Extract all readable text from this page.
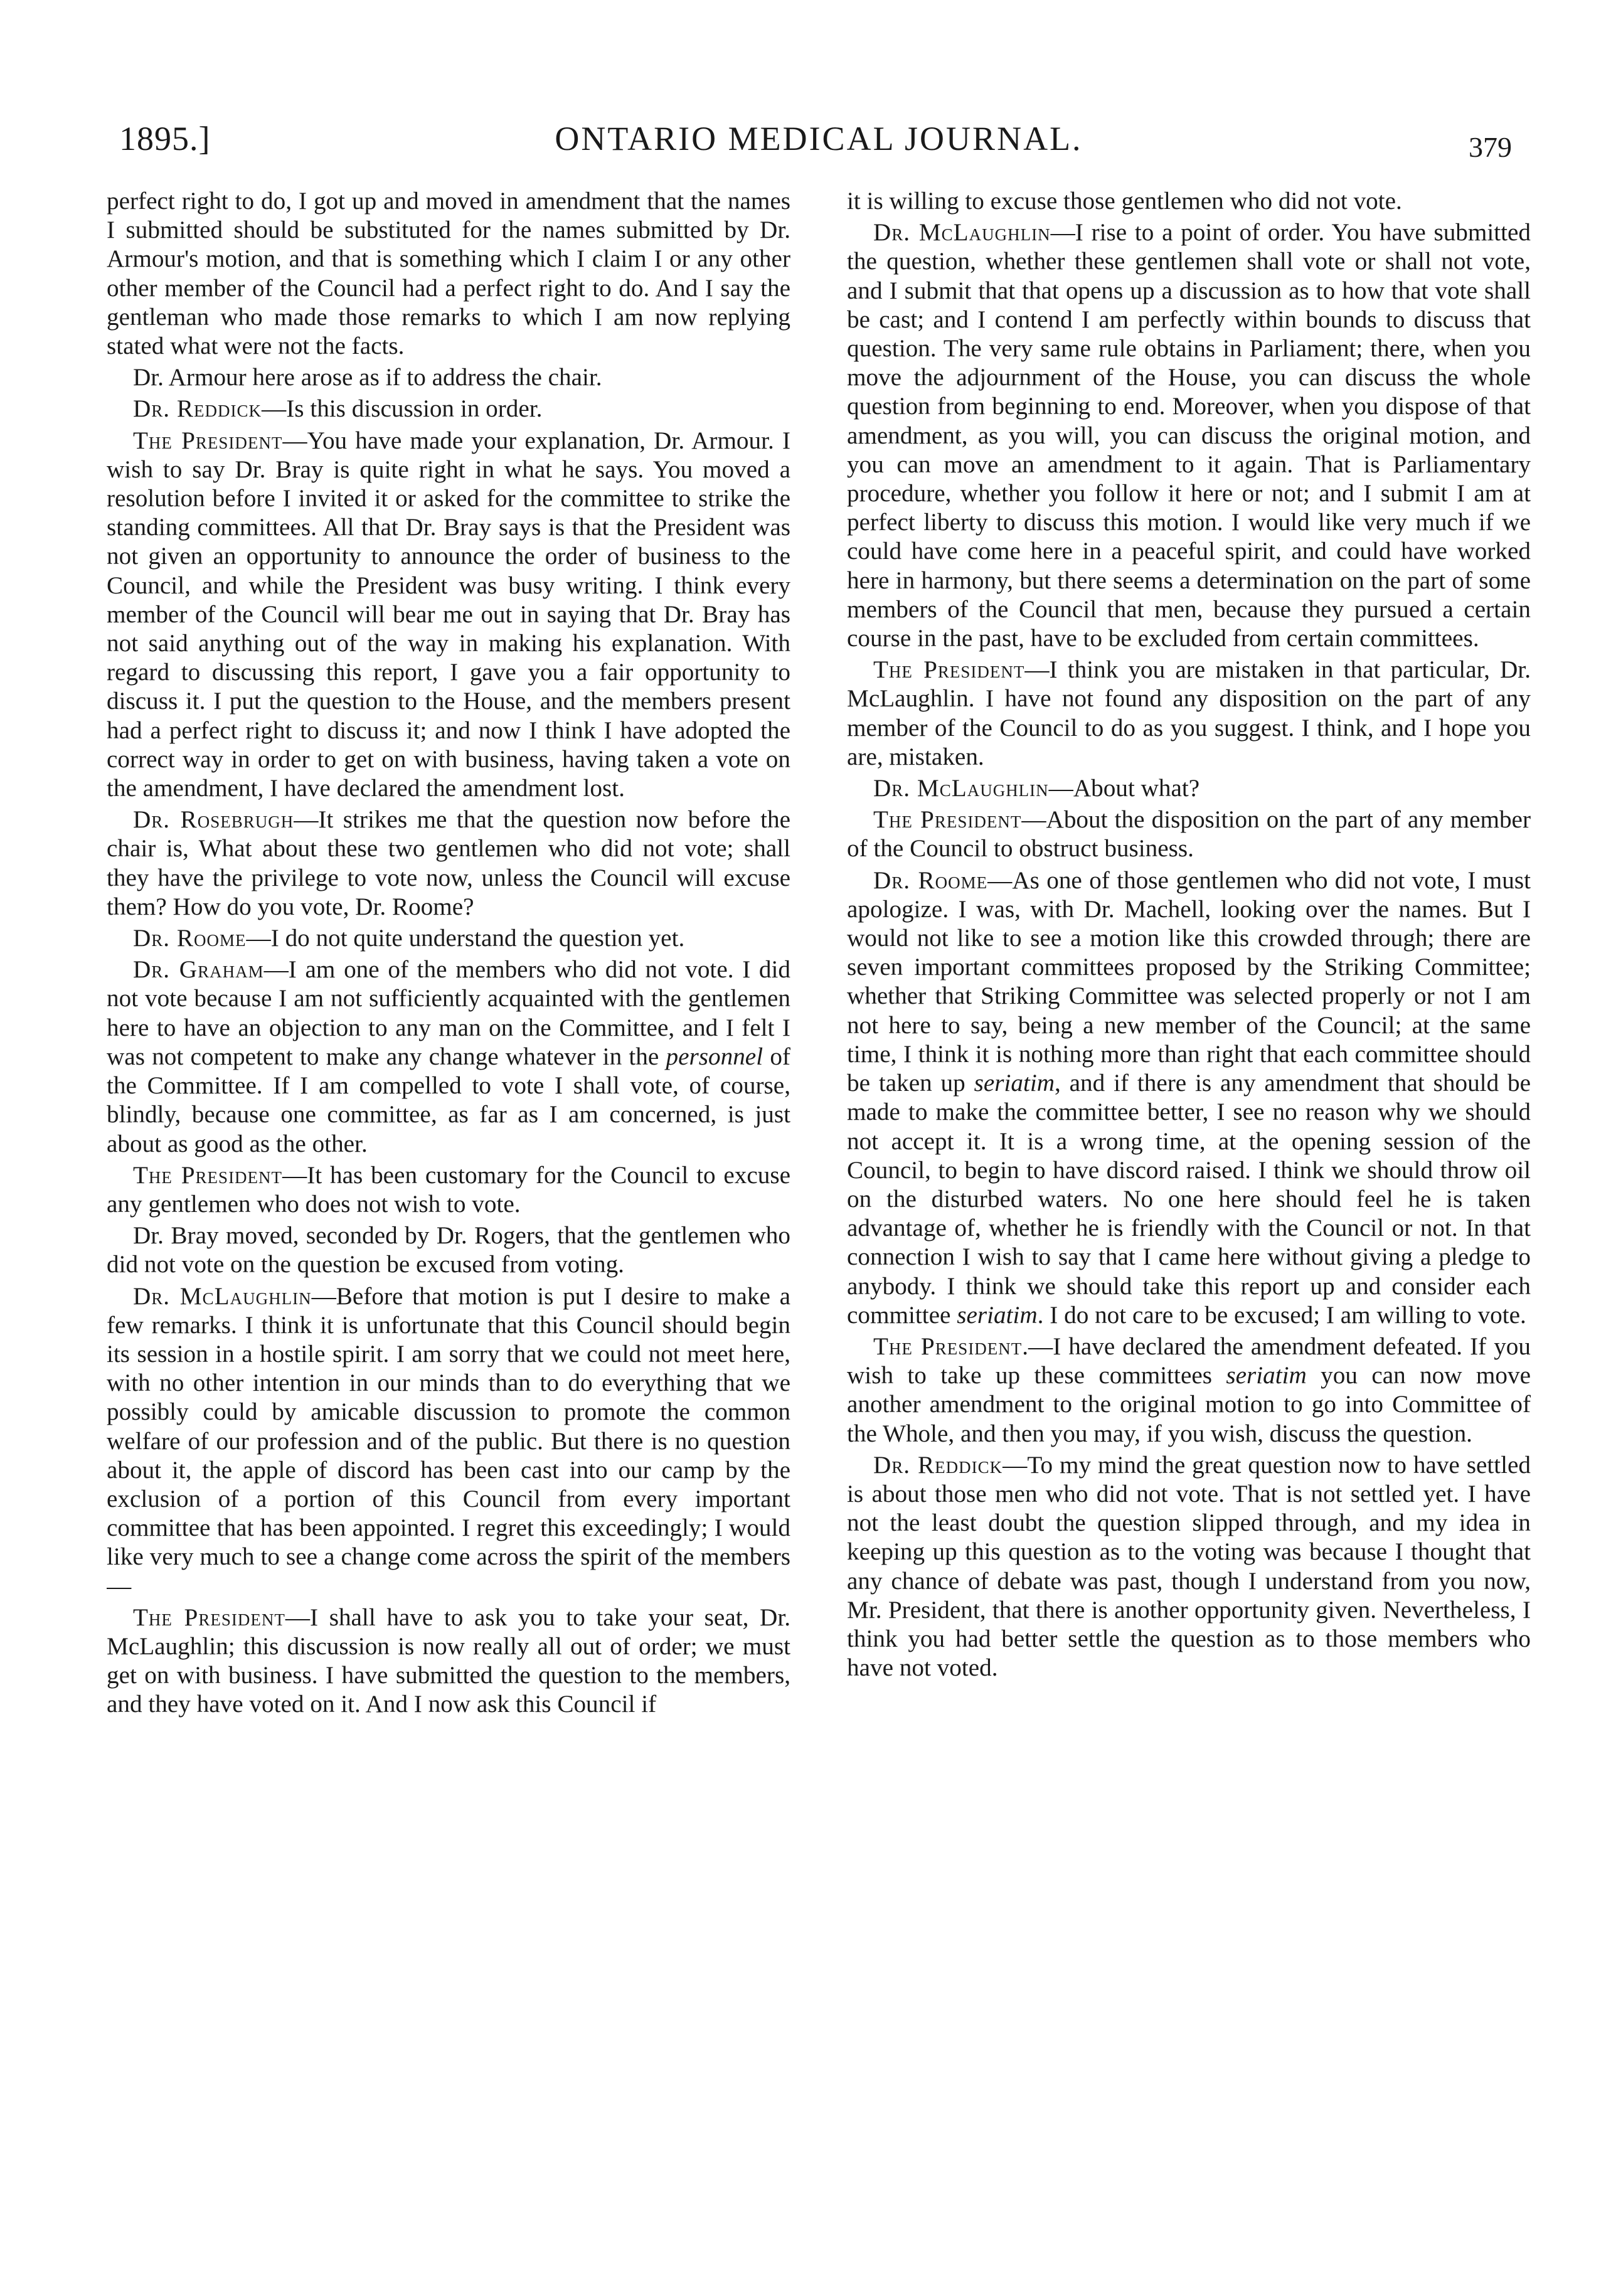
1895.]	ONTARIO MEDICAL JOURNAL.	379

perfect right to do, I got up and moved in amendment that the names I submitted should be substituted for the names submitted by Dr. Armour's motion, and that is something which I claim I or any other other member of the Council had a perfect right to do. And I say the gentleman who made those remarks to which I am now replying stated what were not the facts.

Dr. Armour here arose as if to address the chair.

Dr. Reddick—Is this discussion in order.

The President—You have made your explanation, Dr. Armour. I wish to say Dr. Bray is quite right in what he says. You moved a resolution before I invited it or asked for the committee to strike the standing committees. All that Dr. Bray says is that the President was not given an opportunity to announce the order of business to the Council, and while the President was busy writing. I think every member of the Council will bear me out in saying that Dr. Bray has not said anything out of the way in making his explanation. With regard to discussing this report, I gave you a fair opportunity to discuss it. I put the question to the House, and the members present had a perfect right to discuss it; and now I think I have adopted the correct way in order to get on with business, having taken a vote on the amendment, I have declared the amendment lost.

Dr. Rosebrugh—It strikes me that the question now before the chair is, What about these two gentlemen who did not vote; shall they have the privilege to vote now, unless the Council will excuse them? How do you vote, Dr. Roome?

Dr. Roome—I do not quite understand the question yet.

Dr. Graham—I am one of the members who did not vote. I did not vote because I am not sufficiently acquainted with the gentlemen here to have an objection to any man on the Committee, and I felt I was not competent to make any change whatever in the personnel of the Committee. If I am compelled to vote I shall vote, of course, blindly, because one committee, as far as I am concerned, is just about as good as the other.

The President—It has been customary for the Council to excuse any gentlemen who does not wish to vote.

Dr. Bray moved, seconded by Dr. Rogers, that the gentlemen who did not vote on the question be excused from voting.

Dr. McLaughlin—Before that motion is put I desire to make a few remarks. I think it is unfortunate that this Council should begin its session in a hostile spirit. I am sorry that we could not meet here, with no other intention in our minds than to do everything that we possibly could by amicable discussion to promote the common welfare of our profession and of the public. But there is no question about it, the apple of discord has been cast into our camp by the exclusion of a portion of this Council from every important committee that has been appointed. I regret this exceedingly; I would like very much to see a change come across the spirit of the members—

The President—I shall have to ask you to take your seat, Dr. McLaughlin; this discussion is now really all out of order; we must get on with business. I have submitted the question to the members, and they have voted on it. And I now ask this Council if

it is willing to excuse those gentlemen who did not vote.

Dr. McLaughlin—I rise to a point of order. You have submitted the question, whether these gentlemen shall vote or shall not vote, and I submit that that opens up a discussion as to how that vote shall be cast; and I contend I am perfectly within bounds to discuss that question. The very same rule obtains in Parliament; there, when you move the adjournment of the House, you can discuss the whole question from beginning to end. Moreover, when you dispose of that amendment, as you will, you can discuss the original motion, and you can move an amendment to it again. That is Parliamentary procedure, whether you follow it here or not; and I submit I am at perfect liberty to discuss this motion. I would like very much if we could have come here in a peaceful spirit, and could have worked here in harmony, but there seems a determination on the part of some members of the Council that men, because they pursued a certain course in the past, have to be excluded from certain committees.

The President—I think you are mistaken in that particular, Dr. McLaughlin. I have not found any disposition on the part of any member of the Council to do as you suggest. I think, and I hope you are, mistaken.

Dr. McLaughlin—About what?

The President—About the disposition on the part of any member of the Council to obstruct business.

Dr. Roome—As one of those gentlemen who did not vote, I must apologize. I was, with Dr. Machell, looking over the names. But I would not like to see a motion like this crowded through; there are seven important committees proposed by the Striking Committee; whether that Striking Committee was selected properly or not I am not here to say, being a new member of the Council; at the same time, I think it is nothing more than right that each committee should be taken up seriatim, and if there is any amendment that should be made to make the committee better, I see no reason why we should not accept it. It is a wrong time, at the opening session of the Council, to begin to have discord raised. I think we should throw oil on the disturbed waters. No one here should feel he is taken advantage of, whether he is friendly with the Council or not. In that connection I wish to say that I came here without giving a pledge to anybody. I think we should take this report up and consider each committee seriatim. I do not care to be excused; I am willing to vote.

The President.—I have declared the amendment defeated. If you wish to take up these committees seriatim you can now move another amendment to the original motion to go into Committee of the Whole, and then you may, if you wish, discuss the question.

Dr. Reddick—To my mind the great question now to have settled is about those men who did not vote. That is not settled yet. I have not the least doubt the question slipped through, and my idea in keeping up this question as to the voting was because I thought that any chance of debate was past, though I understand from you now, Mr. President, that there is another opportunity given. Nevertheless, I think you had better settle the question as to those members who have not voted.
